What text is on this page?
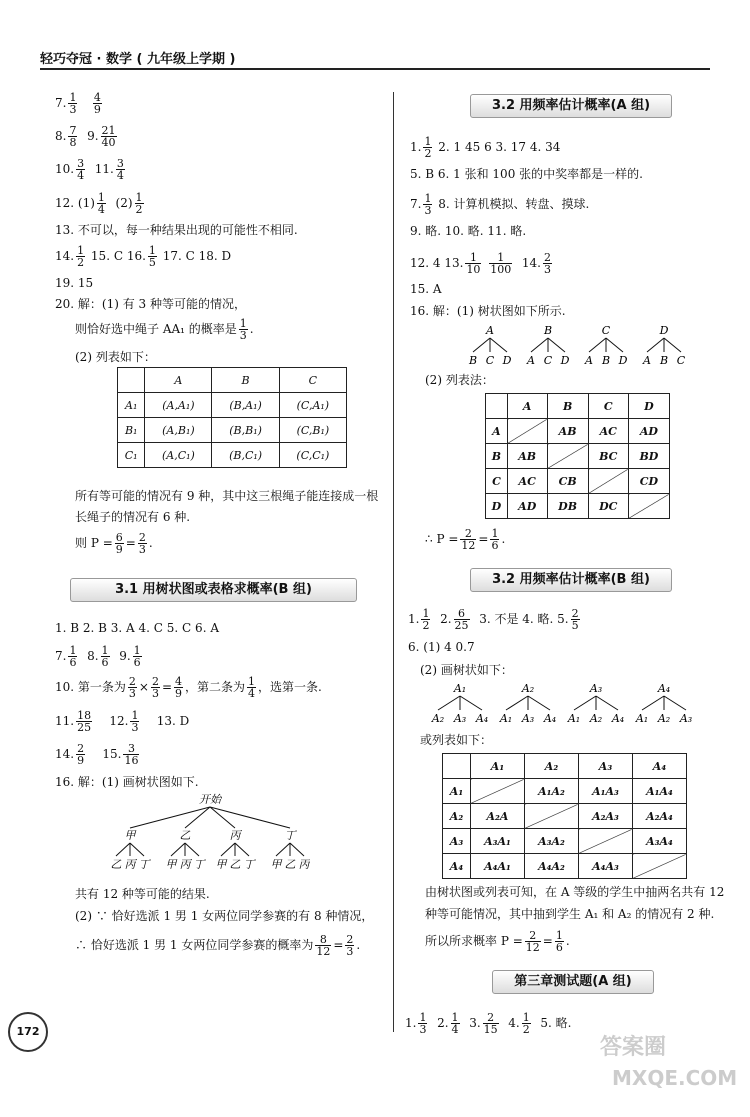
轻巧夺冠 · 数学 ( 九年级上学期 )
7. $\frac{1}{3}$
$\frac{4}{9}$
8. $\frac{7}{8} 9$. $\frac{21}{40}$
10. $\frac{3}{4} 11$. $\frac{3}{4}$
12. $(1) \frac{1}{4} (2) \frac{1}{2}$
13. 不可以，每一种结果出现的可能性不相同.
14. $\frac{1}{2} 15$. C 16. $\frac{1}{5} 17$. C 18. D
19. 15
20. 解：(1) 有 3 种等可能的情况，
则恰好选中绳子 AA₁ 的概率是 $\frac{1}{3}$ .
(2) 列表如下：
	A	B	C
A₁	(A,A₁)	(B,A₁)	(C,A₁)
B₁	(A,B₁)	(B,B₁)	(C,B₁)
C₁	(A,C₁)	(B,C₁)	(C,C₁)
所有等可能的情况有 9 种，其中这三根绳子能连接成一根
长绳子的情况有 6 种.
则 $P = \frac{6}{9} = \frac{2}{3}$ .
3.1 用树状图或表格求概率(B 组)
1. B 2. B 3. A 4. C 5. C 6. A
7. $\frac{1}{6} 8$. $\frac{1}{6} 9$. $\frac{1}{6}$
10. 第一条为 $\frac{2}{3} \times \frac{2}{3} = \frac{4}{9}$ ，第二条为 $\frac{1}{4}$ ，选第一条.
11. $\frac{18}{25} 12$. $\frac{1}{3} 13$. D
14. $\frac{2}{9} 15$. $\frac{3}{16}$
16. 解：(1) 画树状图如下.
开始
甲
乙 丙 丁
乙
甲 丙 丁
丙
甲 乙 丁
丁
甲 乙 丙
共有 12 种等可能的结果.
(2) ∵ 恰好选派 1 男 1 女两位同学参赛的有 8 种情况，
∴ 恰好选派 1 男 1 女两位同学参赛的概率为 $\frac{8}{12} = \frac{2}{3}$ .
3.2 用频率估计概率(A 组)
1. $\frac{1}{2} 2$. 1 45 6 3. 17 4. 34
5. B 6. 1 张和 100 张的中奖率都是一样的.
7. $\frac{1}{3} 8$. 计算机模拟、转盘、摸球.
9. 略. 10. 略. 11. 略.
12. 4 13. $\frac{1}{10}$
$\frac{1}{100} 14$. $\frac{2}{3}$
15. A
16. 解：(1) 树状图如下所示.
A
B C D
B
A C D
C
A B D
D
A B C
(2) 列表法：
	A	B	C	D
A		AB	AC	AD
B	AB		BC	BD
C	AC	CB		CD
D	AD	DB	DC	
∴ $P = \frac{2}{12} = \frac{1}{6}$ .
3.2 用频率估计概率(B 组)
1. $\frac{1}{2} 2$. $\frac{6}{25} 3$. 不是 4. 略. 5. $\frac{2}{5}$
6. (1) 4 0.7
(2) 画树状如下：
A₁
A₂ A₃ A₄
A₂
A₁ A₃ A₄
A₃
A₁ A₂ A₄
A₄
A₁ A₂ A₃
或列表如下：
	A₁	A₂	A₃	A₄
A₁		A₁A₂	A₁A₃	A₁A₄
A₂	A₂A		A₂A₃	A₂A₄
A₃	A₃A₁	A₃A₂		A₃A₄
A₄	A₄A₁	A₄A₂	A₄A₃	
由树状图或列表可知，在 A 等级的学生中抽两名共有 12
种等可能情况，其中抽到学生 A₁ 和 A₂ 的情况有 2 种.
所以所求概率 $P = \frac{2}{12} = \frac{1}{6}$ .
第三章测试题(A 组)
1. $\frac{1}{3} 2$. $\frac{1}{4} 3$. $\frac{2}{15} 4$. $\frac{1}{2} 5$. 略.
172
答案圈
MXQE.COM
